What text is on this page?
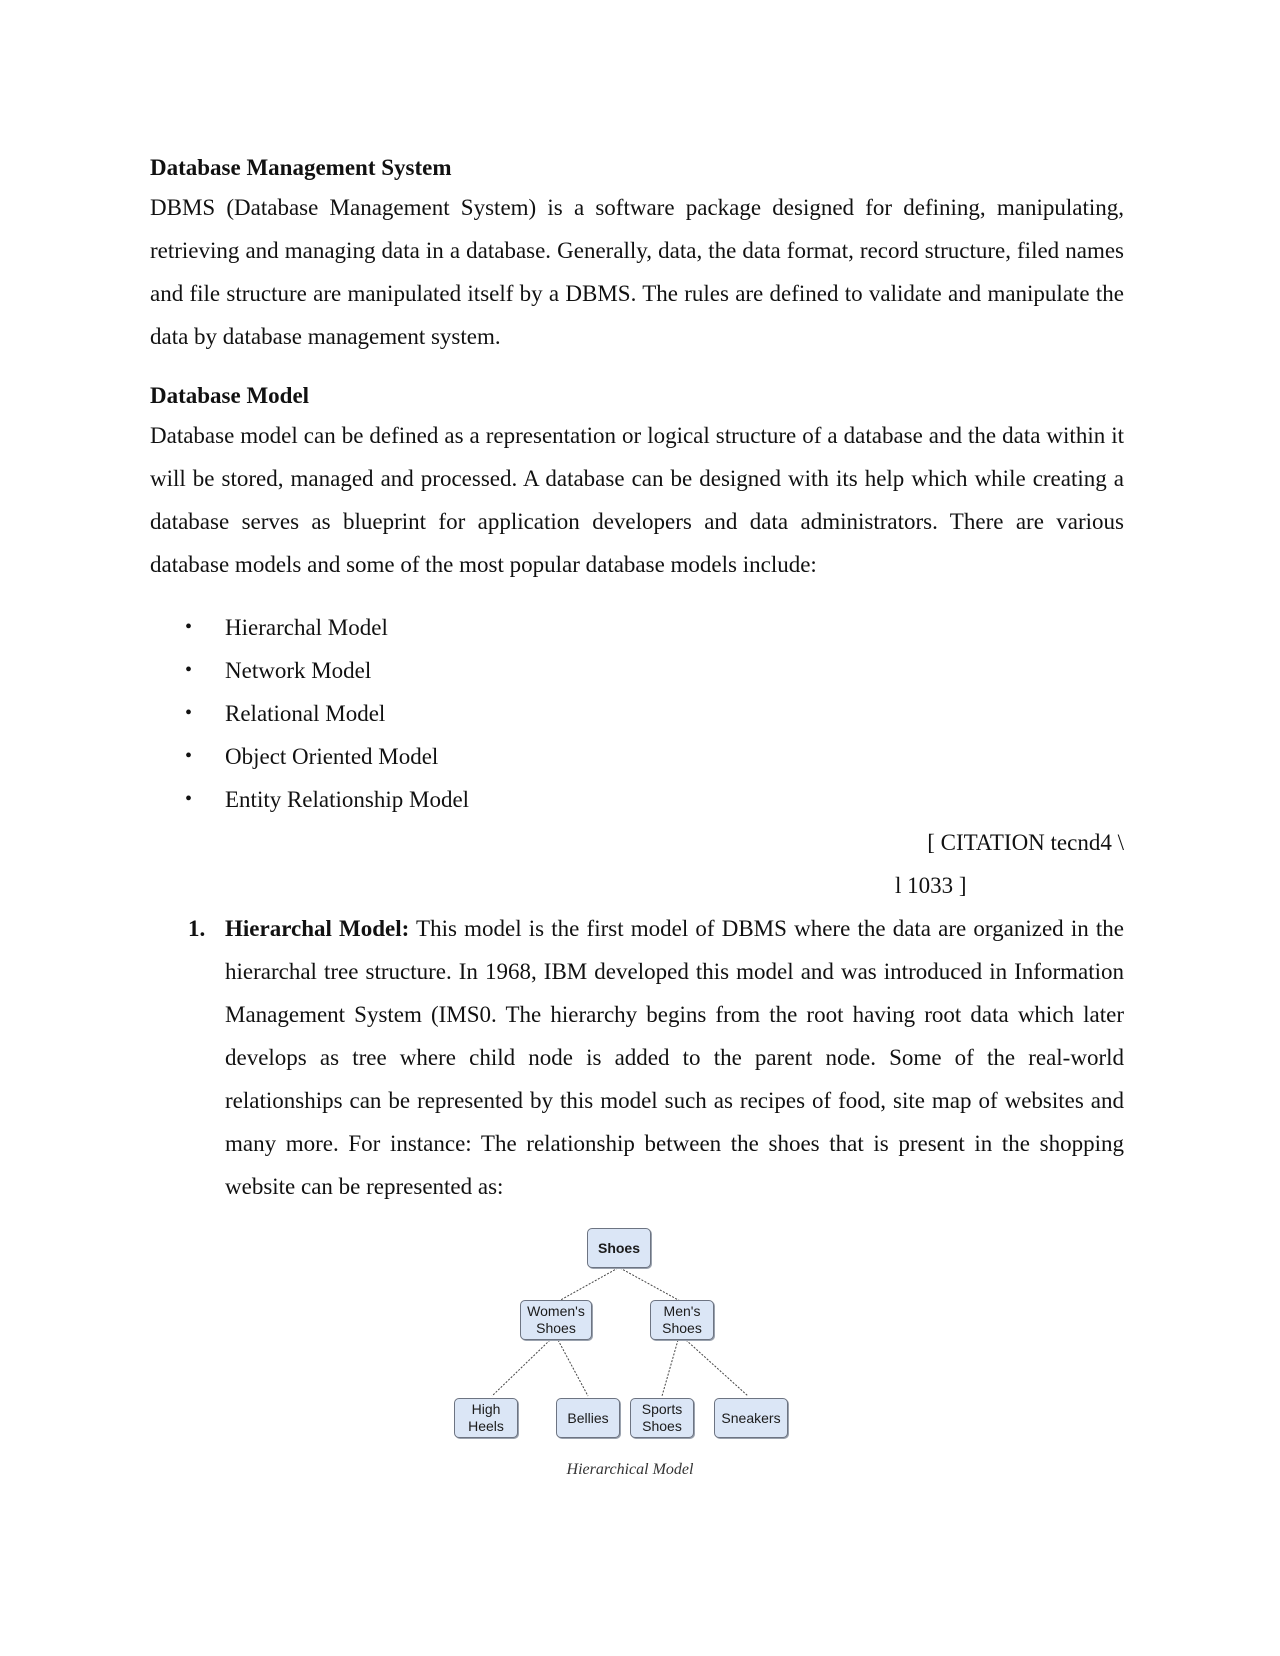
Database Management System

DBMS (Database Management System) is a software package designed for defining, manipulating, retrieving and managing data in a database. Generally, data, the data format, record structure, filed names and file structure are manipulated itself by a DBMS. The rules are defined to validate and manipulate the data by database management system.

Database Model

Database model can be defined as a representation or logical structure of a database and the data within it will be stored, managed and processed. A database can be designed with its help which while creating a database serves as blueprint for application developers and data administrators. There are various database models and some of the most popular database models include:

• Hierarchal Model
• Network Model
• Relational Model
• Object Oriented Model
• Entity Relationship Model
[ CITATION tecnd4 \
l 1033 ]
1. Hierarchal Model: This model is the first model of DBMS where the data are organized in the hierarchal tree structure. In 1968, IBM developed this model and was introduced in Information Management System (IMS0. The hierarchy begins from the root having root data which later develops as tree where child node is added to the parent node. Some of the real-world relationships can be represented by this model such as recipes of food, site map of websites and many more. For instance: The relationship between the shoes that is present in the shopping website can be represented as:
Shoes
Women's
Shoes
Men's
Shoes
High
Heels
Bellies
Sports
Shoes
Sneakers
Hierarchical Model
